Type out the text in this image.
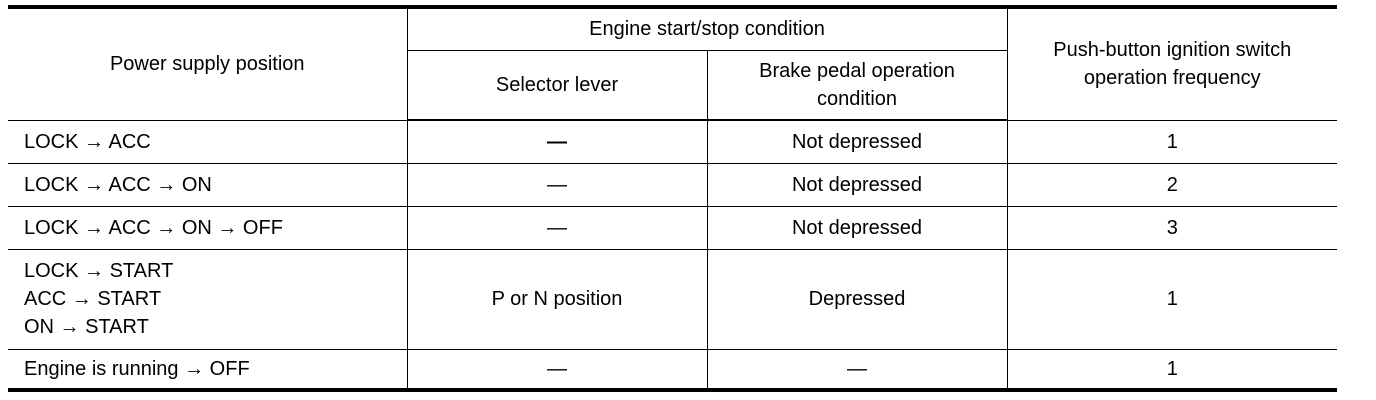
Power supply position	Engine start/stop condition		Push-button ignition switch
operation frequency

	Selector lever	Brake pedal operation
condition	

LOCK → ACC	—	Not depressed	1

LOCK → ACC → ON	—	Not depressed	2

LOCK → ACC → ON → OFF	—	Not depressed	3

LOCK → START
ACC → START
ON → START	P or N position	Depressed	1

Engine is running → OFF	—	—	1
